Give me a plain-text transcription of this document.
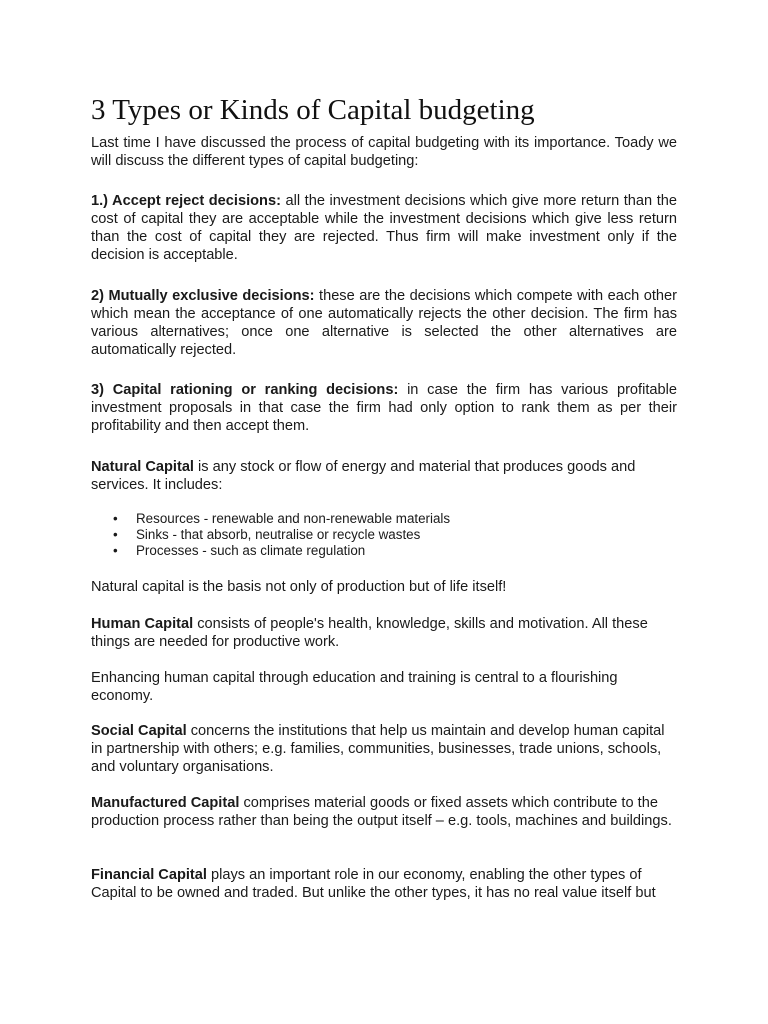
3 Types or Kinds of Capital budgeting

Last time I have discussed the process of capital budgeting with its importance. Toady we will discuss the different types of capital budgeting:

1.) Accept reject decisions: all the investment decisions which give more return than the cost of capital they are acceptable while the investment decisions which give less return than the cost of capital they are rejected. Thus firm will make investment only if the decision is acceptable.

2) Mutually exclusive decisions: these are the decisions which compete with each other which mean the acceptance of one automatically rejects the other decision. The firm has various alternatives; once one alternative is selected the other alternatives are automatically rejected.

3) Capital rationing or ranking decisions: in case the firm has various profitable investment proposals in that case the firm had only option to rank them as per their profitability and then accept them.

Natural Capital is any stock or flow of energy and material that produces goods and services. It includes:

• Resources - renewable and non-renewable materials
• Sinks - that absorb, neutralise or recycle wastes
• Processes - such as climate regulation

Natural capital is the basis not only of production but of life itself!

Human Capital consists of people's health, knowledge, skills and motivation. All these things are needed for productive work.

Enhancing human capital through education and training is central to a flourishing economy.

Social Capital concerns the institutions that help us maintain and develop human capital in partnership with others; e.g. families, communities, businesses, trade unions, schools, and voluntary organisations.

Manufactured Capital comprises material goods or fixed assets which contribute to the production process rather than being the output itself – e.g. tools, machines and buildings.

Financial Capital plays an important role in our economy, enabling the other types of Capital to be owned and traded. But unlike the other types, it has no real value itself but
